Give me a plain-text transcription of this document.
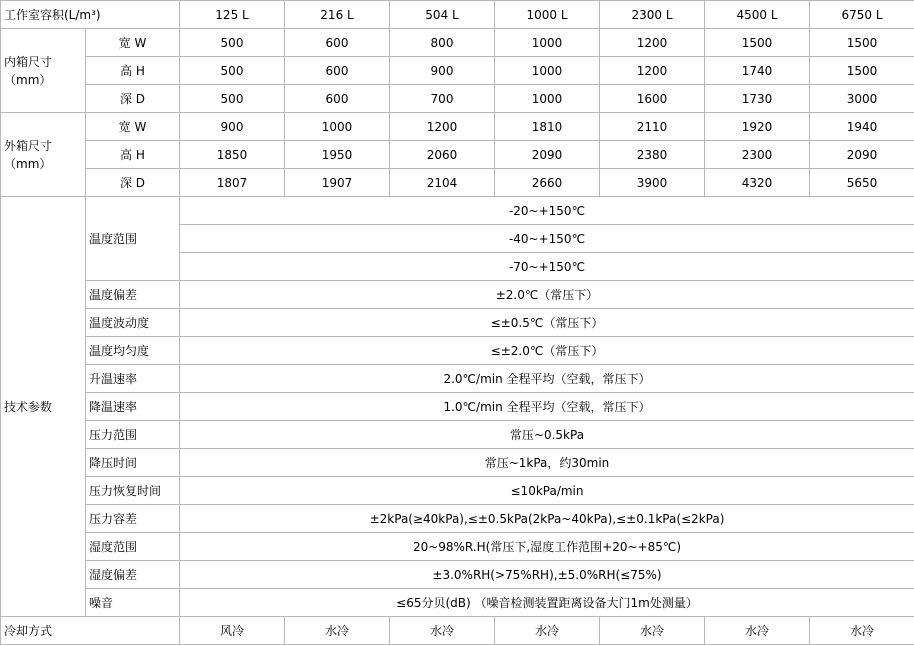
工作室容积(L/m³)		125 L	216 L	504 L	1000 L	2300 L	4500 L	6750 L
内箱尺寸（mm）	宽 W	500	600	800	1000	1200	1500	1500
	高 H	500	600	900	1000	1200	1740	1500
	深 D	500	600	700	1000	1600	1730	3000
外箱尺寸（mm）	宽 W	900	1000	1200	1810	2110	1920	1940
	高 H	1850	1950	2060	2090	2380	2300	2090
	深 D	1807	1907	2104	2660	3900	4320	5650
技术参数	温度范围	-20~+150℃						
		-40~+150℃						
		-70~+150℃						
	温度偏差	±2.0℃（常压下）						
	温度波动度	≤±0.5℃（常压下）						
	温度均匀度	≤±2.0℃（常压下）						
	升温速率	2.0℃/min 全程平均（空载，常压下）						
	降温速率	1.0℃/min 全程平均（空载，常压下）						
	压力范围	常压~0.5kPa						
	降压时间	常压~1kPa，约30min						
	压力恢复时间	≤10kPa/min						
	压力容差	±2kPa(≥40kPa),≤±0.5kPa(2kPa~40kPa),≤±0.1kPa(≤2kPa)						
	湿度范围	20~98%R.H(常压下,湿度工作范围+20~+85℃)						
	湿度偏差	±3.0%RH(>75%RH),±5.0%RH(≤75%)						
	噪音	≤65分贝(dB) （噪音检测装置距离设备大门1m处测量）						
冷却方式		风冷	水冷	水冷	水冷	水冷	水冷	水冷
